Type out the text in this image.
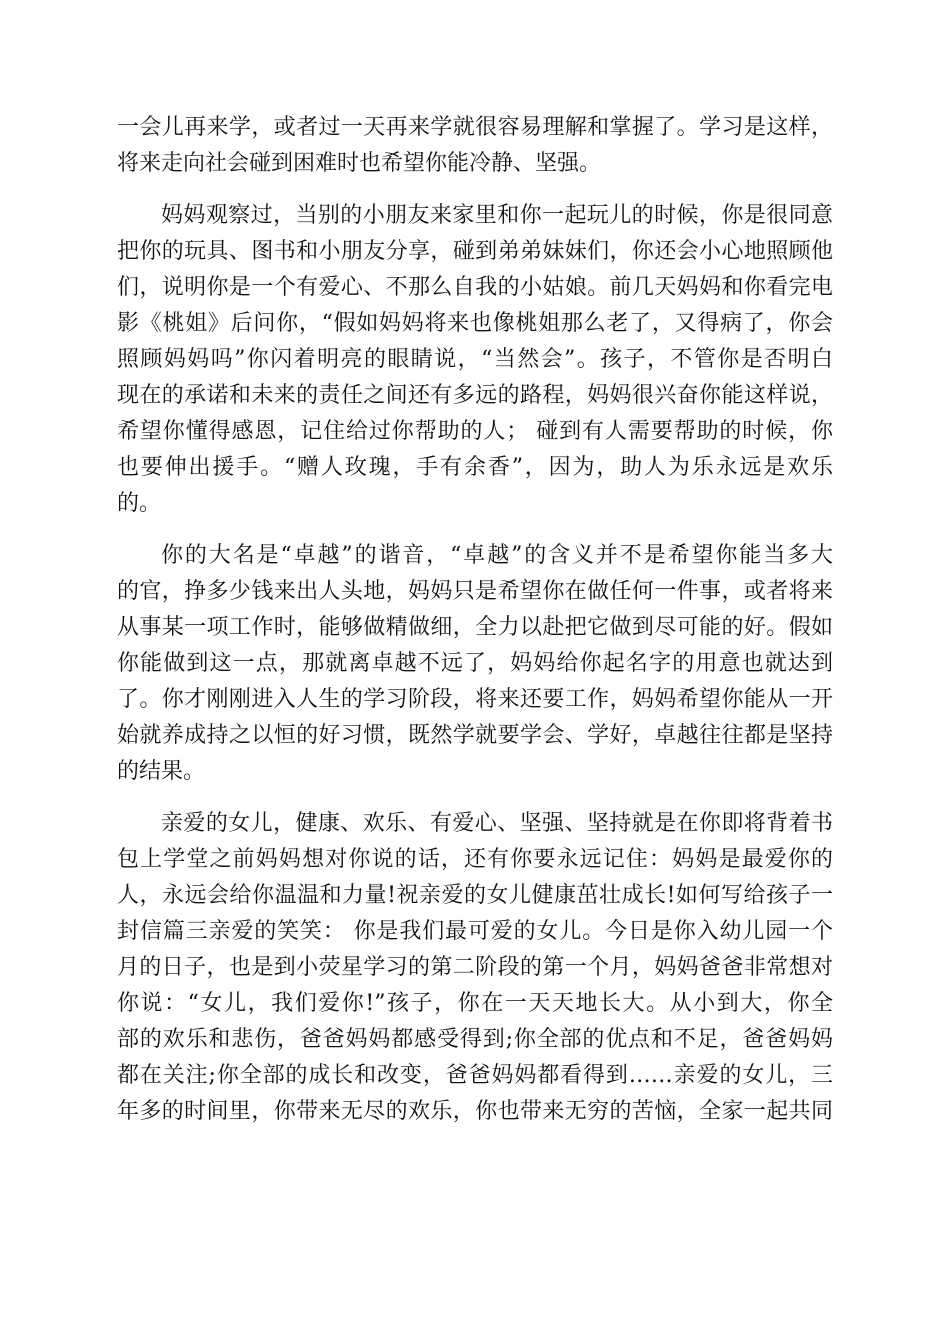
一会儿再来学，或者过一天再来学就很容易理解和掌握了。学习是这样，
将来走向社会碰到困难时也希望你能冷静、坚强。
妈妈观察过，当别的小朋友来家里和你一起玩儿的时候，你是很同意
把你的玩具、图书和小朋友分享，碰到弟弟妹妹们，你还会小心地照顾他
们，说明你是一个有爱心、不那么自我的小姑娘。前几天妈妈和你看完电
影《桃姐》后问你，“假如妈妈将来也像桃姐那么老了，又得病了，你会
照顾妈妈吗”你闪着明亮的眼睛说，“当然会”。孩子，不管你是否明白
现在的承诺和未来的责任之间还有多远的路程，妈妈很兴奋你能这样说，
希望你懂得感恩，记住给过你帮助的人； 碰到有人需要帮助的时候，你
也要伸出援手。“赠人玫瑰，手有余香”，因为，助人为乐永远是欢乐
的。
你的大名是“卓越”的谐音，“卓越”的含义并不是希望你能当多大
的官，挣多少钱来出人头地，妈妈只是希望你在做任何一件事，或者将来
从事某一项工作时，能够做精做细，全力以赴把它做到尽可能的好。假如
你能做到这一点，那就离卓越不远了，妈妈给你起名字的用意也就达到
了。你才刚刚进入人生的学习阶段，将来还要工作，妈妈希望你能从一开
始就养成持之以恒的好习惯，既然学就要学会、学好，卓越往往都是坚持
的结果。
亲爱的女儿，健康、欢乐、有爱心、坚强、坚持就是在你即将背着书
包上学堂之前妈妈想对你说的话，还有你要永远记住：妈妈是最爱你的
人，永远会给你温温和力量!祝亲爱的女儿健康茁壮成长!如何写给孩子一
封信篇三亲爱的笑笑： 你是我们最可爱的女儿。今日是你入幼儿园一个
月的日子，也是到小荧星学习的第二阶段的第一个月，妈妈爸爸非常想对
你说：“女儿，我们爱你!”孩子，你在一天天地长大。从小到大，你全
部的欢乐和悲伤，爸爸妈妈都感受得到;你全部的优点和不足，爸爸妈妈
都在关注;你全部的成长和改变，爸爸妈妈都看得到……亲爱的女儿，三
年多的时间里，你带来无尽的欢乐，你也带来无穷的苦恼，全家一起共同
